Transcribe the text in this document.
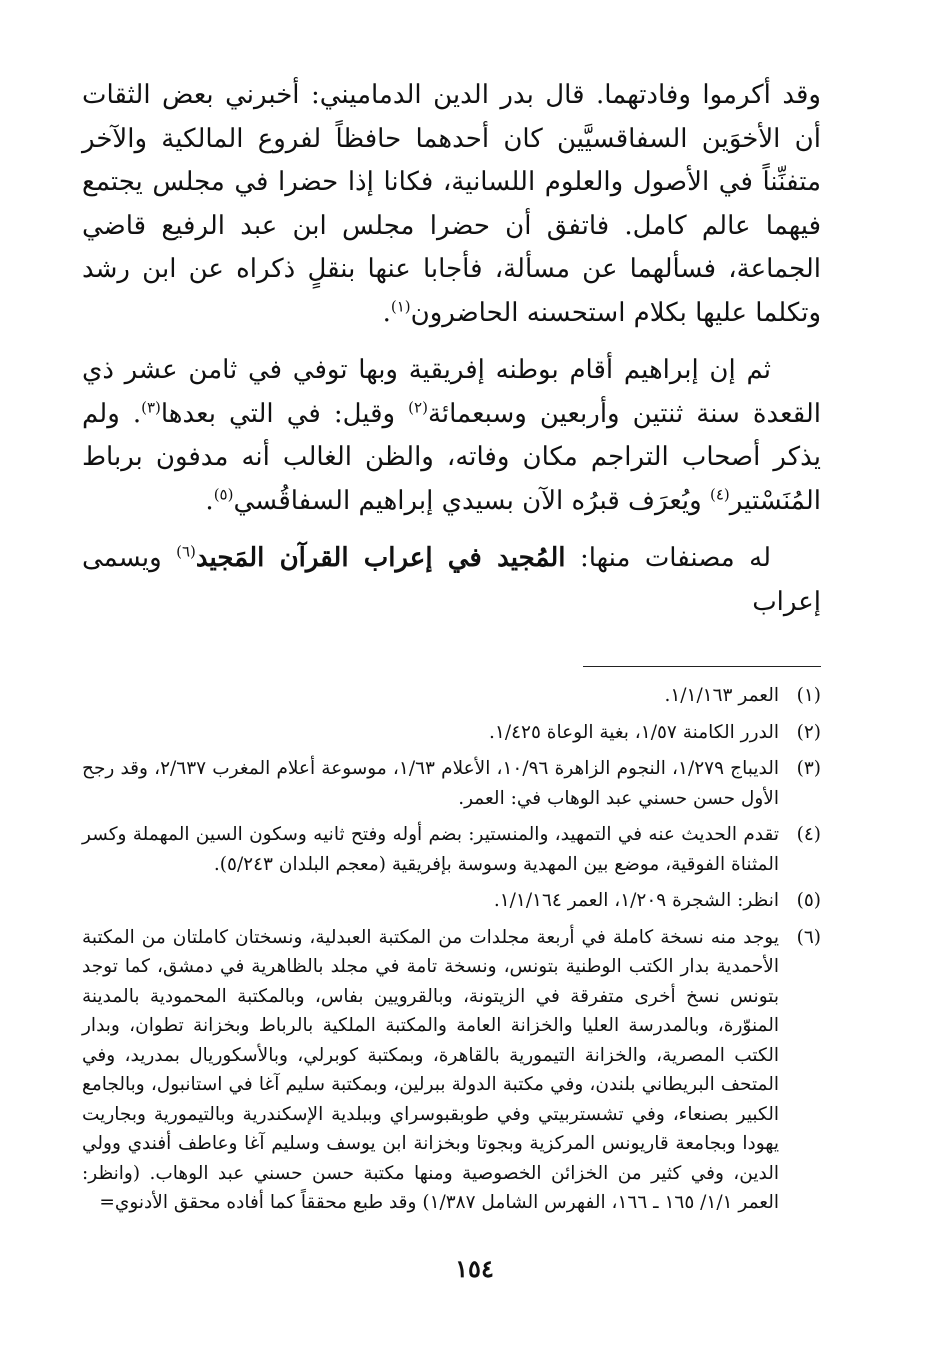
وقد أكرموا وفادتهما. قال بدر الدين الدماميني: أخبرني بعض الثقات أن الأخوَين السفاقسيَّين كان أحدهما حافظاً لفروع المالكية والآخر متفنِّناً في الأصول والعلوم اللسانية، فكانا إذا حضرا في مجلس يجتمع فيهما عالم كامل. فاتفق أن حضرا مجلس ابن عبد الرفيع قاضي الجماعة، فسألهما عن مسألة، فأجابا عنها بنقلٍ ذكراه عن ابن رشد وتكلما عليها بكلام استحسنه الحاضرون$^{(١)}$.

ثم إن إبراهيم أقام بوطنه إفريقية وبها توفي في ثامن عشر ذي القعدة سنة ثنتين وأربعين وسبعمائة$^{(٢)}$ وقيل: في التي بعدها$^{(٣)}$. ولم يذكر أصحاب التراجم مكان وفاته، والظن الغالب أنه مدفون برباط المُنَسْتير$^{(٤)}$ ويُعرَف قبرُه الآن بسيدي إبراهيم السفاقُسي$^{(٥)}$.

له مصنفات منها: المُجيد في إعراب القرآن المَجيد$^{(٦)}$ ويسمى إعراب

(١)
العمر ١/١/١٦٣.
(٢)
الدرر الكامنة ١/٥٧، بغية الوعاة ١/٤٢٥.
(٣)
الديباج ١/٢٧٩، النجوم الزاهرة ١٠/٩٦، الأعلام ١/٦٣، موسوعة أعلام المغرب ٢/٦٣٧، وقد رجح الأول حسن حسني عبد الوهاب في: العمر.
(٤)
تقدم الحديث عنه في التمهيد، والمنستير: بضم أوله وفتح ثانيه وسكون السين المهملة وكسر المثناة الفوقية، موضع بين المهدية وسوسة بإفريقية (معجم البلدان ٥/٢٤٣).
(٥)
انظر: الشجرة ١/٢٠٩، العمر ١/١/١٦٤.
(٦)
يوجد منه نسخة كاملة في أربعة مجلدات من المكتبة العبدلية، ونسختان كاملتان من المكتبة الأحمدية بدار الكتب الوطنية بتونس، ونسخة تامة في مجلد بالظاهرية في دمشق، كما توجد بتونس نسخ أخرى متفرقة في الزيتونة، وبالقرويين بفاس، وبالمكتبة المحمودية بالمدينة المنوّرة، وبالمدرسة العليا والخزانة العامة والمكتبة الملكية بالرباط وبخزانة تطوان، وبدار الكتب المصرية، والخزانة التيمورية بالقاهرة، وبمكتبة كوبرلي، وبالأسكوريال بمدريد، وفي المتحف البريطاني بلندن، وفي مكتبة الدولة ببرلين، وبمكتبة سليم آغا في استانبول، وبالجامع الكبير بصنعاء، وفي تشستربيتي وفي طوبقبوسراي وببلدية الإسكندرية وبالتيمورية وبجاريت يهودا وبجامعة قاريونس المركزية وبجوتا وبخزانة ابن يوسف وسليم آغا وعاطف أفندي وولي الدين، وفي كثير من الخزائن الخصوصية ومنها مكتبة حسن حسني عبد الوهاب. (وانظر: العمر ١/١/ ١٦٥ ـ ١٦٦، الفهرس الشامل ١/٣٨٧) وقد طبع محققاً كما أفاده محقق الأدنوي=
١٥٤
